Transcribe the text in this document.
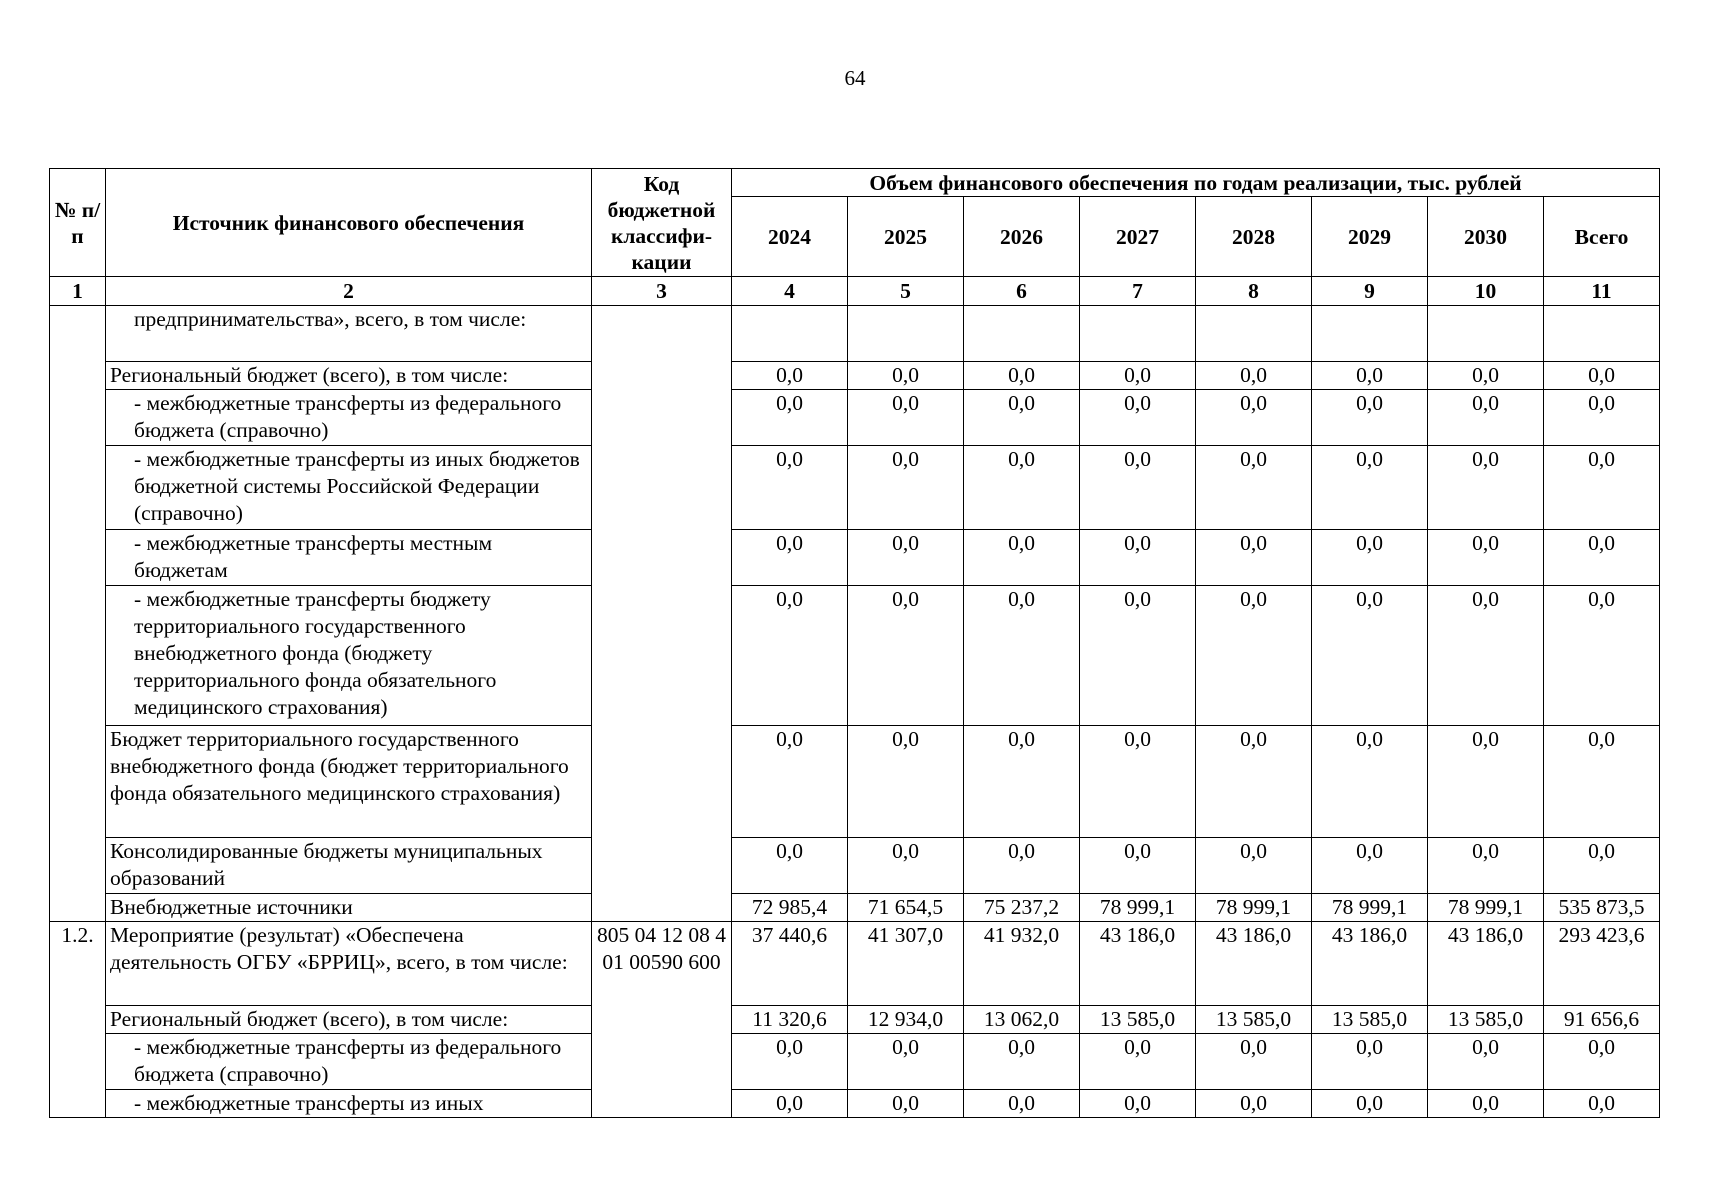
64
№ п/п	Источник финансового обеспечения	Код бюджетной классифи-кации	Объем финансового обеспечения по годам реализации, тыс. рублей							
			2024	2025	2026	2027	2028	2029	2030	Всего
1	2	3	4	5	6	7	8	9	10	11
	предпринимательства», всего, в том числе:									
	Региональный бюджет (всего), в том числе:		0,0	0,0	0,0	0,0	0,0	0,0	0,0	0,0
	- межбюджетные трансферты из федерального бюджета (справочно)		0,0	0,0	0,0	0,0	0,0	0,0	0,0	0,0
	- межбюджетные трансферты из иных бюджетов бюджетной системы Российской Федерации (справочно)		0,0	0,0	0,0	0,0	0,0	0,0	0,0	0,0
	- межбюджетные трансферты местным бюджетам		0,0	0,0	0,0	0,0	0,0	0,0	0,0	0,0
	- межбюджетные трансферты бюджету территориального государственного внебюджетного фонда (бюджету территориального фонда обязательного медицинского страхования)		0,0	0,0	0,0	0,0	0,0	0,0	0,0	0,0
	Бюджет территориального государственного внебюджетного фонда (бюджет территориального фонда обязательного медицинского страхования)		0,0	0,0	0,0	0,0	0,0	0,0	0,0	0,0
	Консолидированные бюджеты муниципальных образований		0,0	0,0	0,0	0,0	0,0	0,0	0,0	0,0
	Внебюджетные источники		72 985,4	71 654,5	75 237,2	78 999,1	78 999,1	78 999,1	78 999,1	535 873,5
1.2.	Мероприятие (результат) «Обеспечена деятельность ОГБУ «БРРИЦ», всего, в том числе:	805 04 12 08 4 01 00590 600	37 440,6	41 307,0	41 932,0	43 186,0	43 186,0	43 186,0	43 186,0	293 423,6
	Региональный бюджет (всего), в том числе:		11 320,6	12 934,0	13 062,0	13 585,0	13 585,0	13 585,0	13 585,0	91 656,6
	- межбюджетные трансферты из федерального бюджета (справочно)		0,0	0,0	0,0	0,0	0,0	0,0	0,0	0,0
	- межбюджетные трансферты из иных		0,0	0,0	0,0	0,0	0,0	0,0	0,0	0,0
